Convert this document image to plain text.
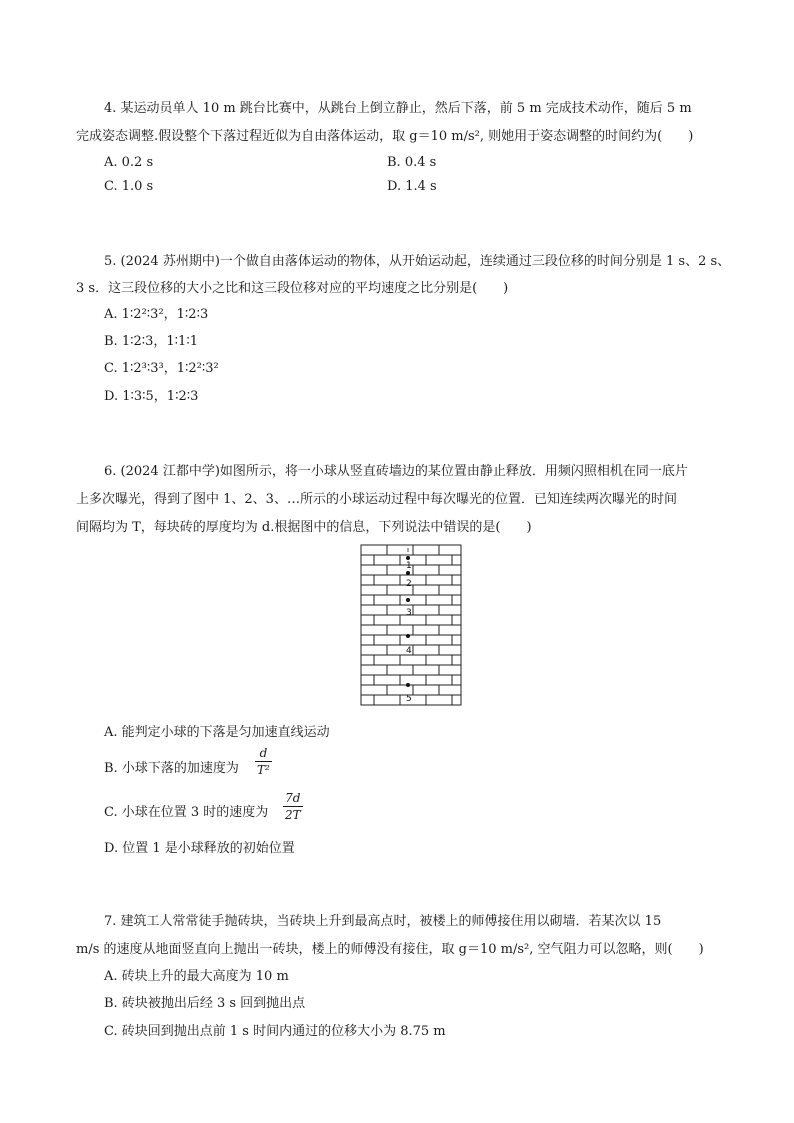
4. 某运动员单人 10 m 跳台比赛中，从跳台上倒立静止，然后下落，前 5 m 完成技术动作，随后 5 m
完成姿态调整.假设整个下落过程近似为自由落体运动，取 g＝10 m/s², 则她用于姿态调整的时间约为(　　)
A. 0.2 s	B. 0.4 s
C. 1.0 s	D. 1.4 s
5. (2024 苏州期中)一个做自由落体运动的物体，从开始运动起，连续通过三段位移的时间分别是 1 s、2 s、
3 s．这三段位移的大小之比和这三段位移对应的平均速度之比分别是(　　)
A. 1∶2²∶3²，1∶2∶3
B. 1∶2∶3，1∶1∶1
C. 1∶2³∶3³，1∶2²∶3²
D. 1∶3∶5，1∶2∶3
6. (2024 江都中学)如图所示，将一小球从竖直砖墙边的某位置由静止释放．用频闪照相机在同一底片
上多次曝光，得到了图中 1、2、3、…所示的小球运动过程中每次曝光的位置．已知连续两次曝光的时间
间隔均为 T，每块砖的厚度均为 d.根据图中的信息，下列说法中错误的是(　　)
1
2
3
4
5
A. 能判定小球的下落是匀加速直线运动
B. 小球下落的加速度为
d
T²
C. 小球在位置 3 时的速度为
7d
2T
D. 位置 1 是小球释放的初始位置
7. 建筑工人常常徒手抛砖块，当砖块上升到最高点时，被楼上的师傅接住用以砌墙．若某次以 15
m/s 的速度从地面竖直向上抛出一砖块，楼上的师傅没有接住，取 g＝10 m/s², 空气阻力可以忽略，则(　　)
A. 砖块上升的最大高度为 10 m
B. 砖块被抛出后经 3 s 回到抛出点
C. 砖块回到抛出点前 1 s 时间内通过的位移大小为 8.75 m
